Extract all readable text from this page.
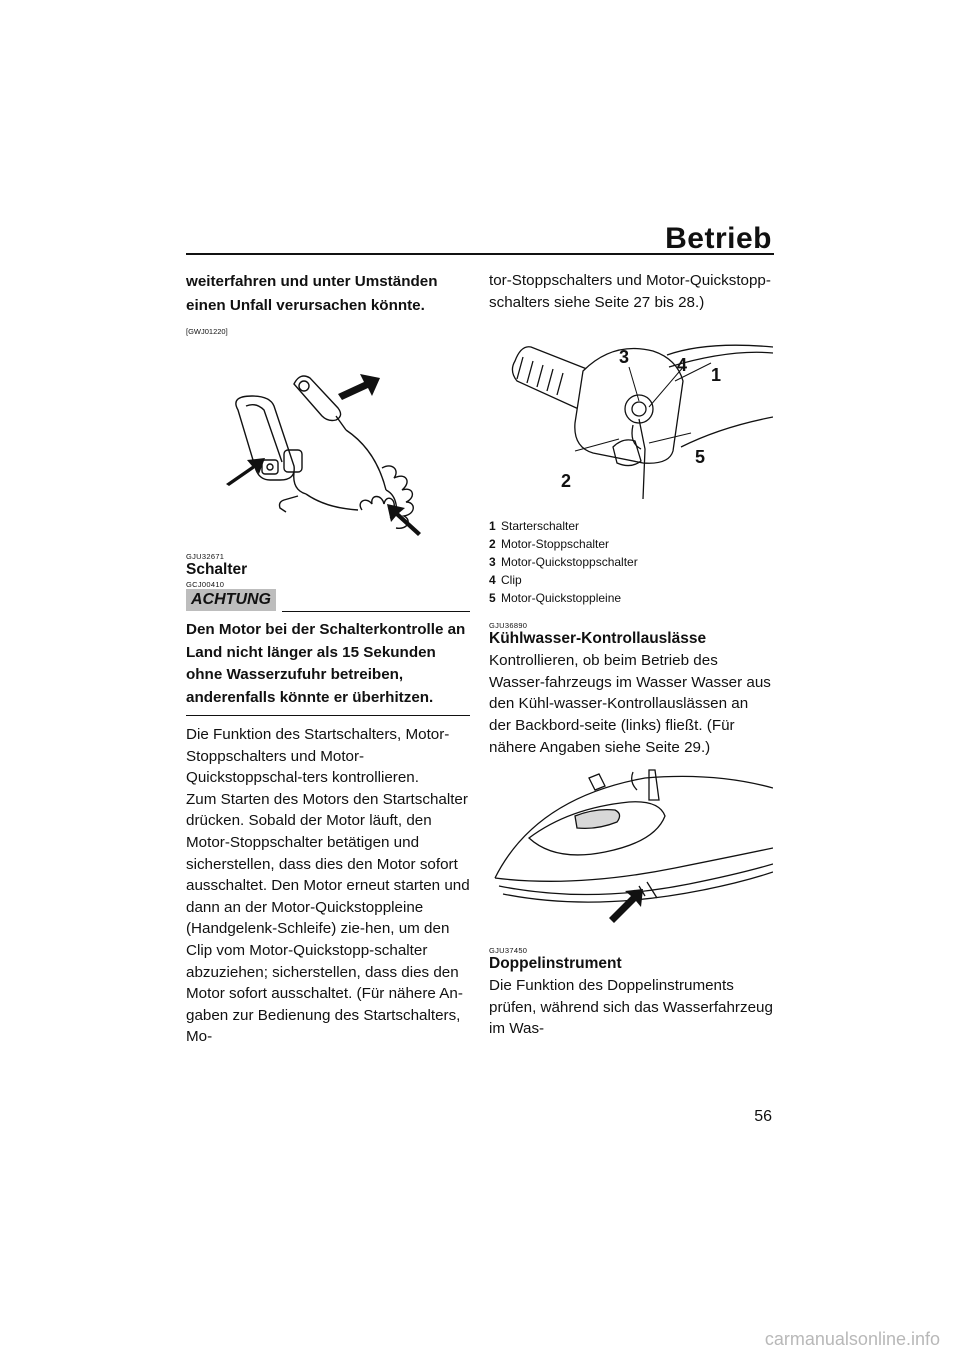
Betrieb

weiterfahren und unter Umständen einen Unfall verursachen könnte. [GWJ01220]

GJU32671
Schalter
GCJ00410
ACHTUNG

Den Motor bei der Schalterkontrolle an Land nicht länger als 15 Sekunden ohne Wasserzufuhr betreiben, anderenfalls könnte er überhitzen.

Die Funktion des Startschalters, Motor-Stoppschalters und Motor-Quickstoppschal-ters kontrollieren.

Zum Starten des Motors den Startschalter drücken. Sobald der Motor läuft, den Motor-Stoppschalter betätigen und sicherstellen, dass dies den Motor sofort ausschaltet. Den Motor erneut starten und dann an der Motor-Quickstoppleine (Handgelenk-Schleife) zie-hen, um den Clip vom Motor-Quickstopp-schalter abzuziehen; sicherstellen, dass dies den Motor sofort ausschaltet. (Für nähere An-gaben zur Bedienung des Startschalters, Mo-

tor-Stoppschalters und Motor-Quickstopp-schalters siehe Seite 27 bis 28.)

3	4 1
5
2
1 Starterschalter
2 Motor-Stoppschalter
3 Motor-Quickstoppschalter
4 Clip
5 Motor-Quickstoppleine
GJU36890
Kühlwasser-Kontrollauslässe

Kontrollieren, ob beim Betrieb des Wasser-fahrzeugs im Wasser Wasser aus den Kühl-wasser-Kontrollauslässen an der Backbord-seite (links) fließt. (Für nähere Angaben siehe Seite 29.)

GJU37450
Doppelinstrument

Die Funktion des Doppelinstruments prüfen, während sich das Wasserfahrzeug im Was-

56
carmanualsonline.info
